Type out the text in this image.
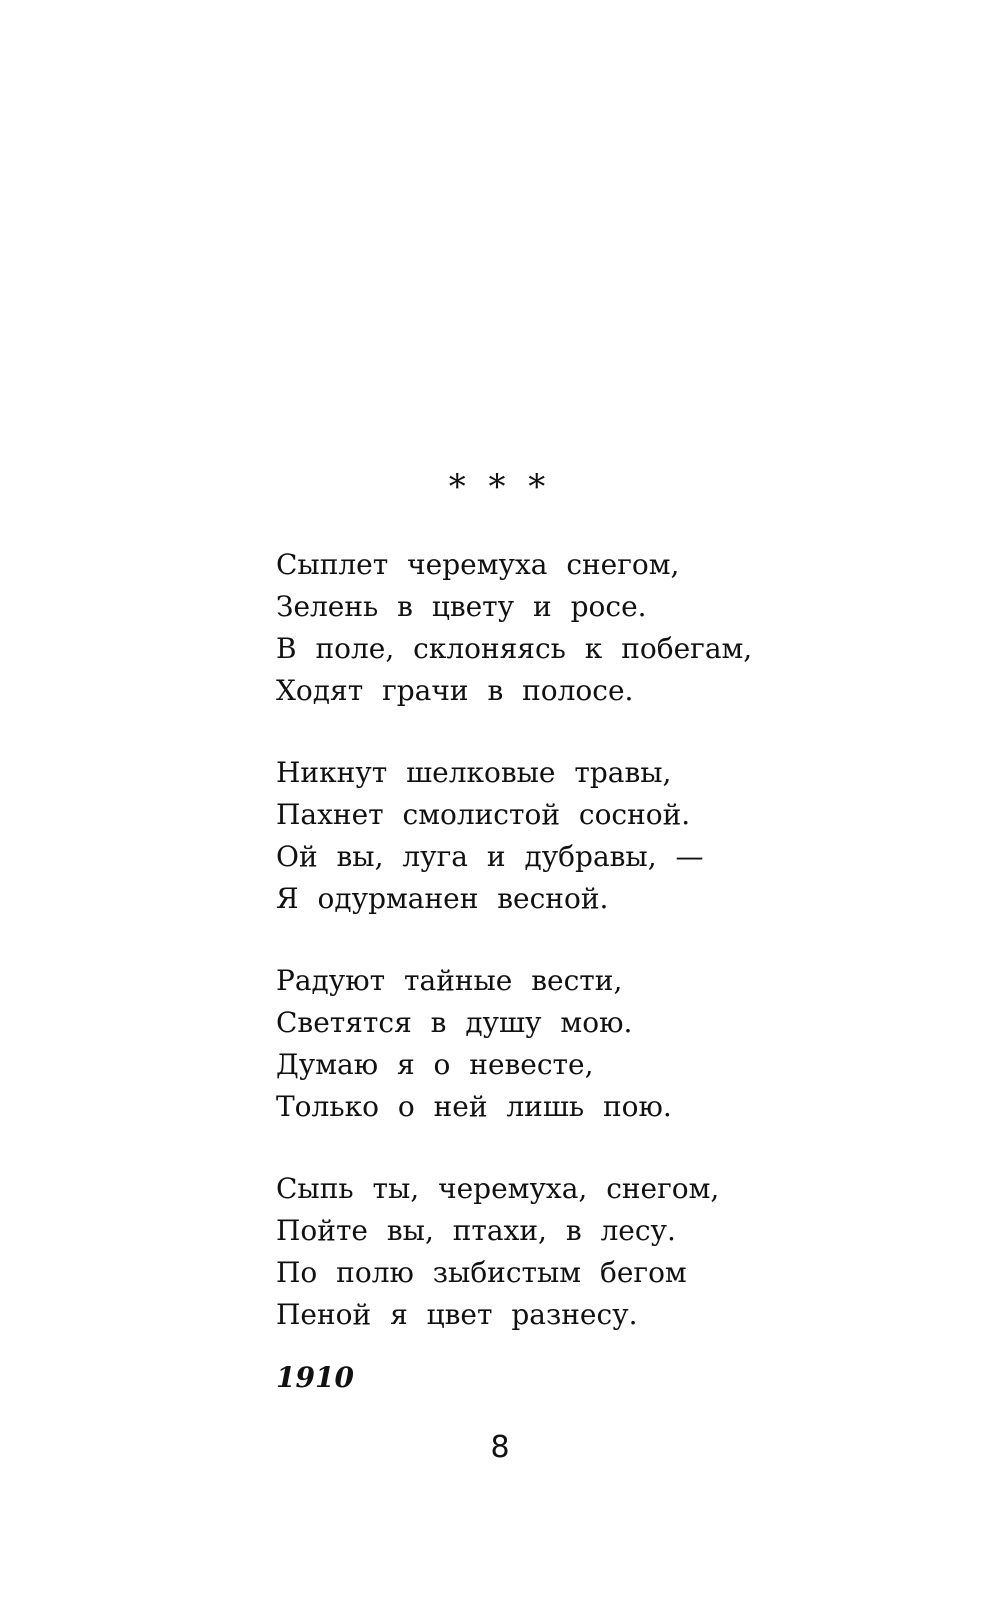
* * *
Сыплет черемуха снегом,
Зелень в цвету и росе.
В поле, склоняясь к побегам,
Ходят грачи в полосе.
Никнут шелковые травы,
Пахнет смолистой сосной.
Ой вы, луга и дубравы, —
Я одурманен весной.
Радуют тайные вести,
Светятся в душу мою.
Думаю я о невесте,
Только о ней лишь пою.
Сыпь ты, черемуха, снегом,
Пойте вы, птахи, в лесу.
По полю зыбистым бегом
Пеной я цвет разнесу.
1910
8
